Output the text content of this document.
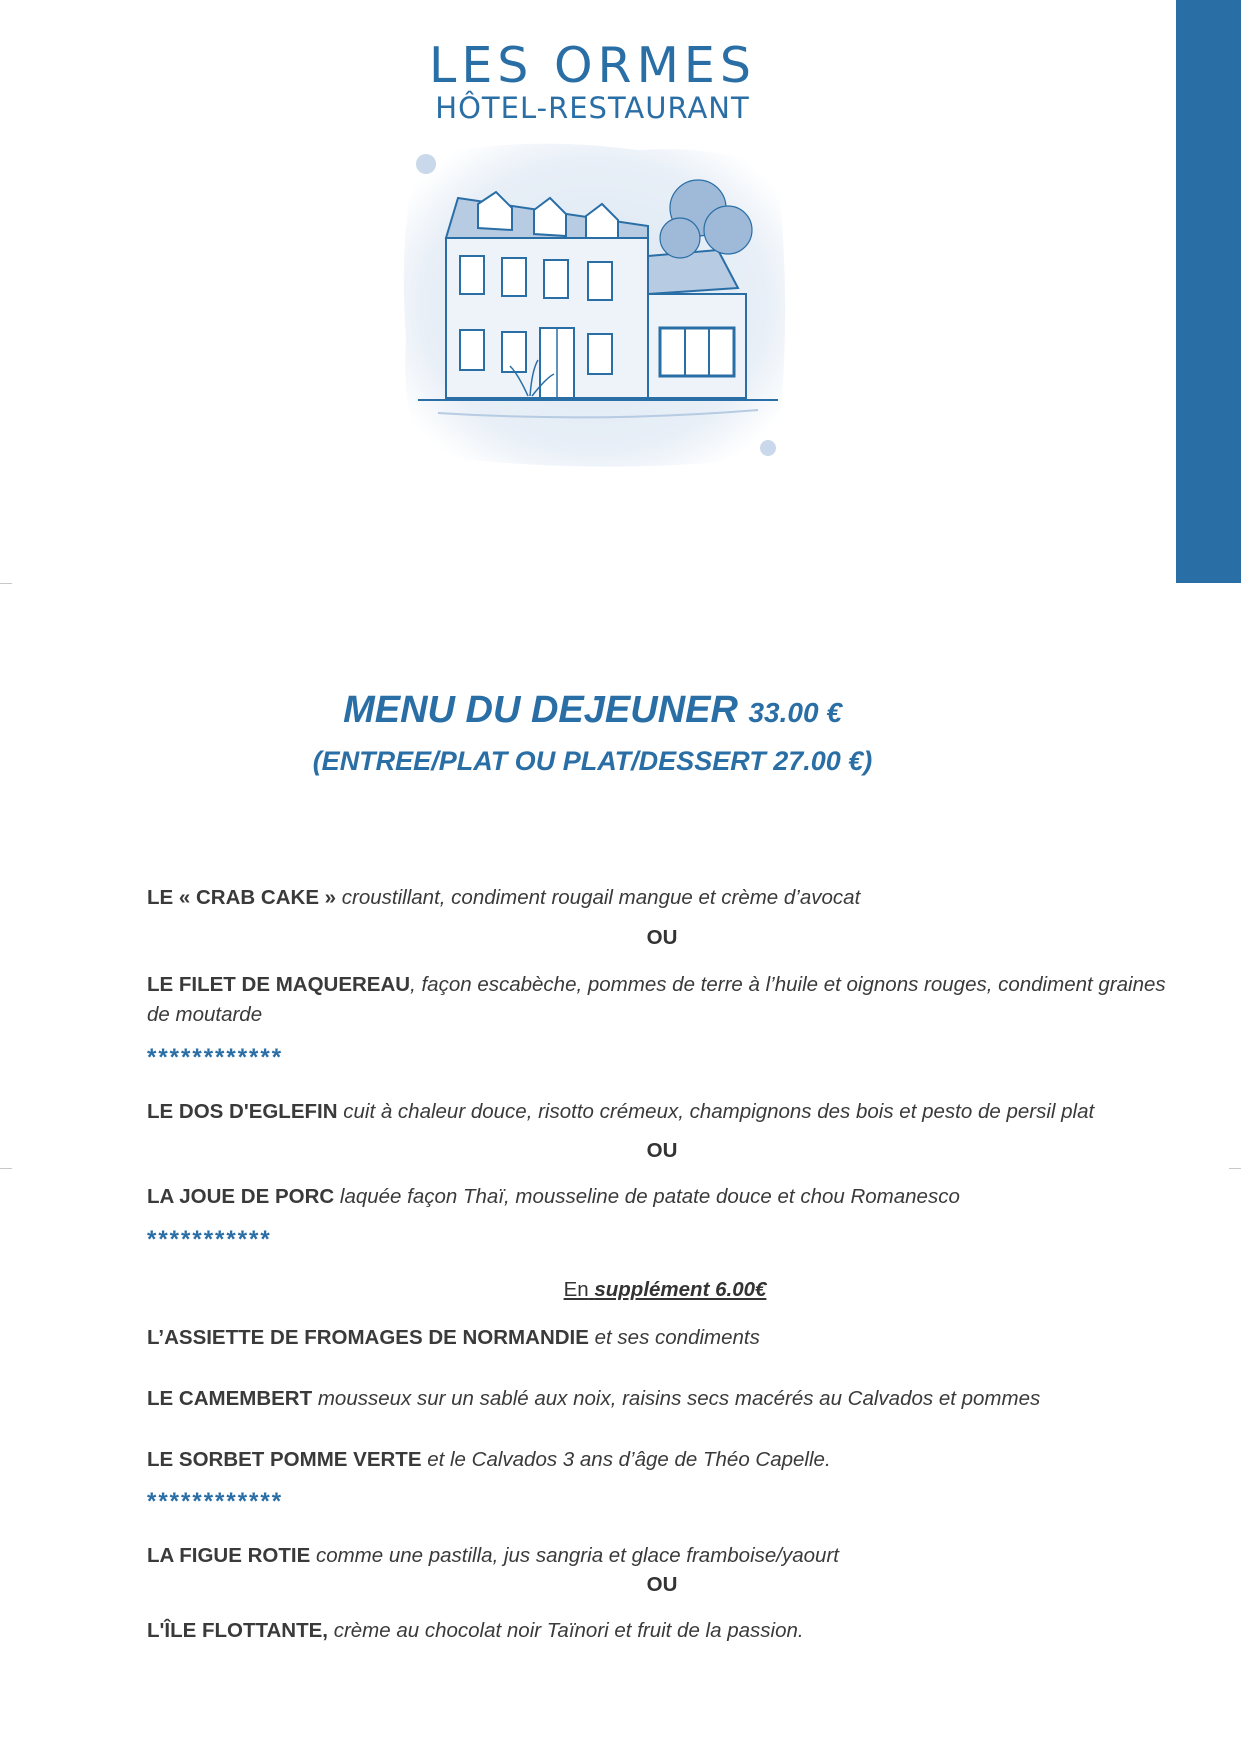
LES ORMES
HÔTEL-RESTAURANT
MENU DU DEJEUNER 33.00 €
(ENTREE/PLAT OU PLAT/DESSERT 27.00 €)
LE « CRAB CAKE » croustillant, condiment rougail mangue et crème d’avocat
OU
LE FILET DE MAQUEREAU, façon escabèche, pommes de terre à l’huile et oignons rouges, condiment graines de moutarde
************
LE DOS D'EGLEFIN cuit à chaleur douce, risotto crémeux, champignons des bois et pesto de persil plat
OU
LA JOUE DE PORC laquée façon Thaï, mousseline de patate douce et chou Romanesco
***********
En supplément 6.00€
L’ASSIETTE DE FROMAGES DE NORMANDIE et ses condiments
LE CAMEMBERT mousseux sur un sablé aux noix, raisins secs macérés au Calvados et pommes
LE SORBET POMME VERTE et le Calvados 3 ans d’âge de Théo Capelle.
************
LA FIGUE ROTIE comme une pastilla, jus sangria et glace framboise/yaourt
OU
L'ÎLE FLOTTANTE, crème au chocolat noir Taïnori et fruit de la passion.
